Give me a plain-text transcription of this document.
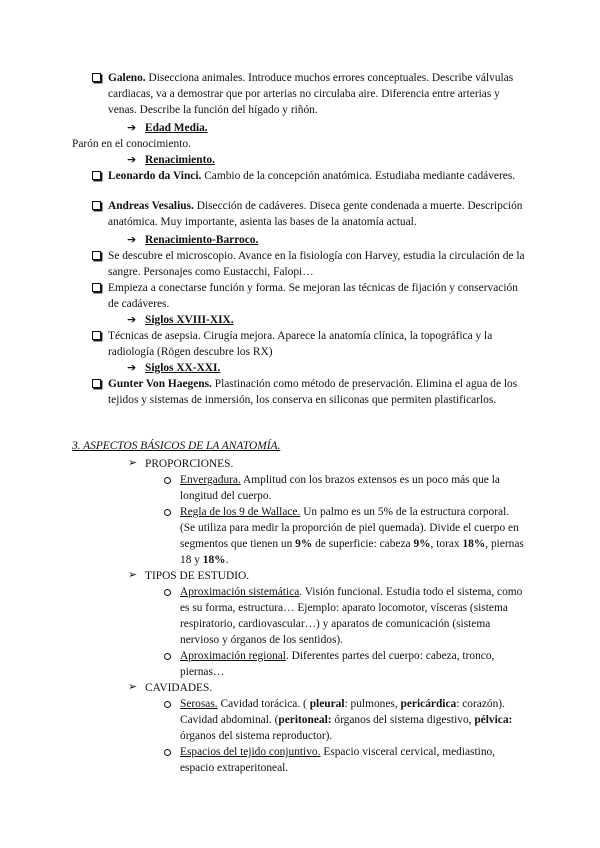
Galeno. Disecciona animales. Introduce muchos errores conceptuales. Describe válvulas cardiacas, va a demostrar que por arterias no circulaba aire. Diferencia entre arterias y venas. Describe la función del hígado y riñón.
➔ Edad Media.
Parón en el conocimiento.
➔ Renacimiento.
Leonardo da Vinci. Cambio de la concepción anatómica. Estudiaba mediante cadáveres.
Andreas Vesalius. Disección de cadáveres. Diseca gente condenada a muerte. Descripción anatómica. Muy importante, asienta las bases de la anatomía actual.
➔ Renacimiento-Barroco.
Se descubre el microscopio. Avance en la fisiología con Harvey, estudia la circulación de la sangre. Personajes como Eustacchi, Falopi…
Empieza a conectarse función y forma. Se mejoran las técnicas de fijación y conservación de cadáveres.
➔ Siglos XVIII-XIX.
Técnicas de asepsia. Cirugía mejora. Aparece la anatomía clínica, la topográfica y la radiología (Rögen descubre los RX)
➔ Siglos XX-XXI.
Gunter Von Haegens. Plastinación como método de preservación. Elimina el agua de los tejidos y sistemas de inmersión, los conserva en siliconas que permiten plastificarlos.
3. ASPECTOS BÁSICOS DE LA ANATOMÍA.
➢ PROPORCIONES.
Envergadura. Amplitud con los brazos extensos es un poco más que la longitud del cuerpo.
Regla de los 9 de Wallace. Un palmo es un 5% de la estructura corporal. (Se utiliza para medir la proporción de piel quemada). Divide el cuerpo en segmentos que tienen un 9% de superficie: cabeza 9%, torax 18%, piernas 18 y 18%.
➢ TIPOS DE ESTUDIO.
Aproximación sistemática. Visión funcional. Estudia todo el sistema, como es su forma, estructura… Ejemplo: aparato locomotor, vísceras (sistema respiratorio, cardiovascular…) y aparatos de comunicación (sistema nervioso y órganos de los sentidos).
Aproximación regional. Diferentes partes del cuerpo: cabeza, tronco, piernas…
➢ CAVIDADES.
Serosas. Cavidad torácica. ( pleural: pulmones, pericárdica: corazón). Cavidad abdominal. (peritoneal: órganos del sistema digestivo, pélvica: órganos del sistema reproductor).
Espacios del tejido conjuntivo. Espacio visceral cervical, mediastino, espacio extraperitoneal.
